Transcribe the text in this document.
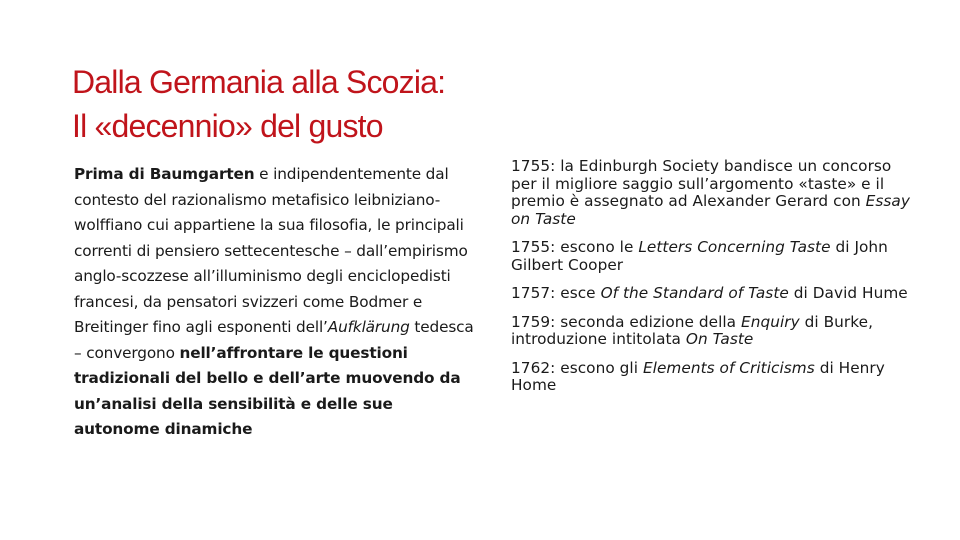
Dalla Germania alla Scozia:
Il «decennio» del gusto

Prima di Baumgarten e indipendentemente dal contesto del razionalismo metafisico leibniziano-wolffiano cui appartiene la sua filosofia, le principali correnti di pensiero settecentesche – dall’empirismo anglo-scozzese all’illuminismo degli enciclopedisti francesi, da pensatori svizzeri come Bodmer e Breitinger fino agli esponenti dell’Aufklärung tedesca – convergono nell’affrontare le questioni tradizionali del bello e dell’arte muovendo da un’analisi della sensibilità e delle sue autonome dinamiche

1755: la Edinburgh Society bandisce un concorso per il migliore saggio sull’argomento «taste» e il premio è assegnato ad Alexander Gerard con Essay on Taste

1755: escono le Letters Concerning Taste di John Gilbert Cooper

1757: esce Of the Standard of Taste di David Hume

1759: seconda edizione della Enquiry di Burke, introduzione intitolata On Taste

1762: escono gli Elements of Criticisms di Henry Home
